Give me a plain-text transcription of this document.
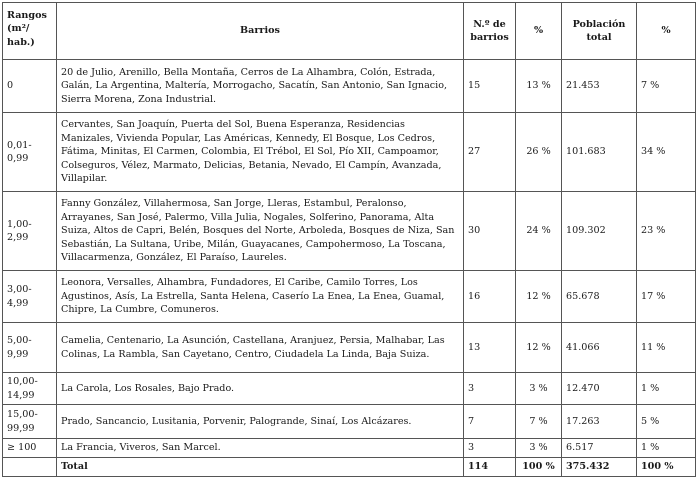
Rangos (m²/ hab.)	Barrios	N.º de barrios	%	Población total	%
0	20 de Julio, Arenillo, Bella Montaña, Cerros de La Alhambra, Colón, Estrada, Galán, La Argentina, Maltería, Morrogacho, Sacatín, San Antonio, San Ignacio, Sierra Morena, Zona Industrial.	15	13 %	21.453	7 %
0,01-0,99	Cervantes, San Joaquín, Puerta del Sol, Buena Esperanza, Residencias Manizales, Vivienda Popular, Las Américas, Kennedy, El Bosque, Los Cedros, Fátima, Minitas, El Carmen, Colombia, El Trébol, El Sol, Pío XII, Campoamor, Colseguros, Vélez, Marmato, Delicias, Betania, Nevado, El Campín, Avanzada, Villapilar.	27	26 %	101.683	34 %
1,00-2,99	Fanny González, Villahermosa, San Jorge, Lleras, Estambul, Peralonso, Arrayanes, San José, Palermo, Villa Julia, Nogales, Solferino, Panorama, Alta Suiza, Altos de Capri, Belén, Bosques del Norte, Arboleda, Bosques de Niza, San Sebastián, La Sultana, Uribe, Milán, Guayacanes, Campohermoso, La Toscana, Villacarmenza, González, El Paraíso, Laureles.	30	24 %	109.302	23 %
3,00-4,99	Leonora, Versalles, Alhambra, Fundadores, El Caribe, Camilo Torres, Los Agustinos, Asís, La Estrella, Santa Helena, Caserío La Enea, La Enea, Guamal, Chipre, La Cumbre, Comuneros.	16	12 %	65.678	17 %
5,00-9,99	Camelia, Centenario, La Asunción, Castellana, Aranjuez, Persia, Malhabar, Las Colinas, La Rambla, San Cayetano, Centro, Ciudadela La Linda, Baja Suiza.	13	12 %	41.066	11 %
10,00-14,99	La Carola, Los Rosales, Bajo Prado.	3	3 %	12.470	1 %
15,00-99,99	Prado, Sancancio, Lusitania, Porvenir, Palogrande, Sinaí, Los Alcázares.	7	7 %	17.263	5 %
≥ 100	La Francia, Viveros, San Marcel.	3	3 %	6.517	1 %
	Total	114	100 %	375.432	100 %
